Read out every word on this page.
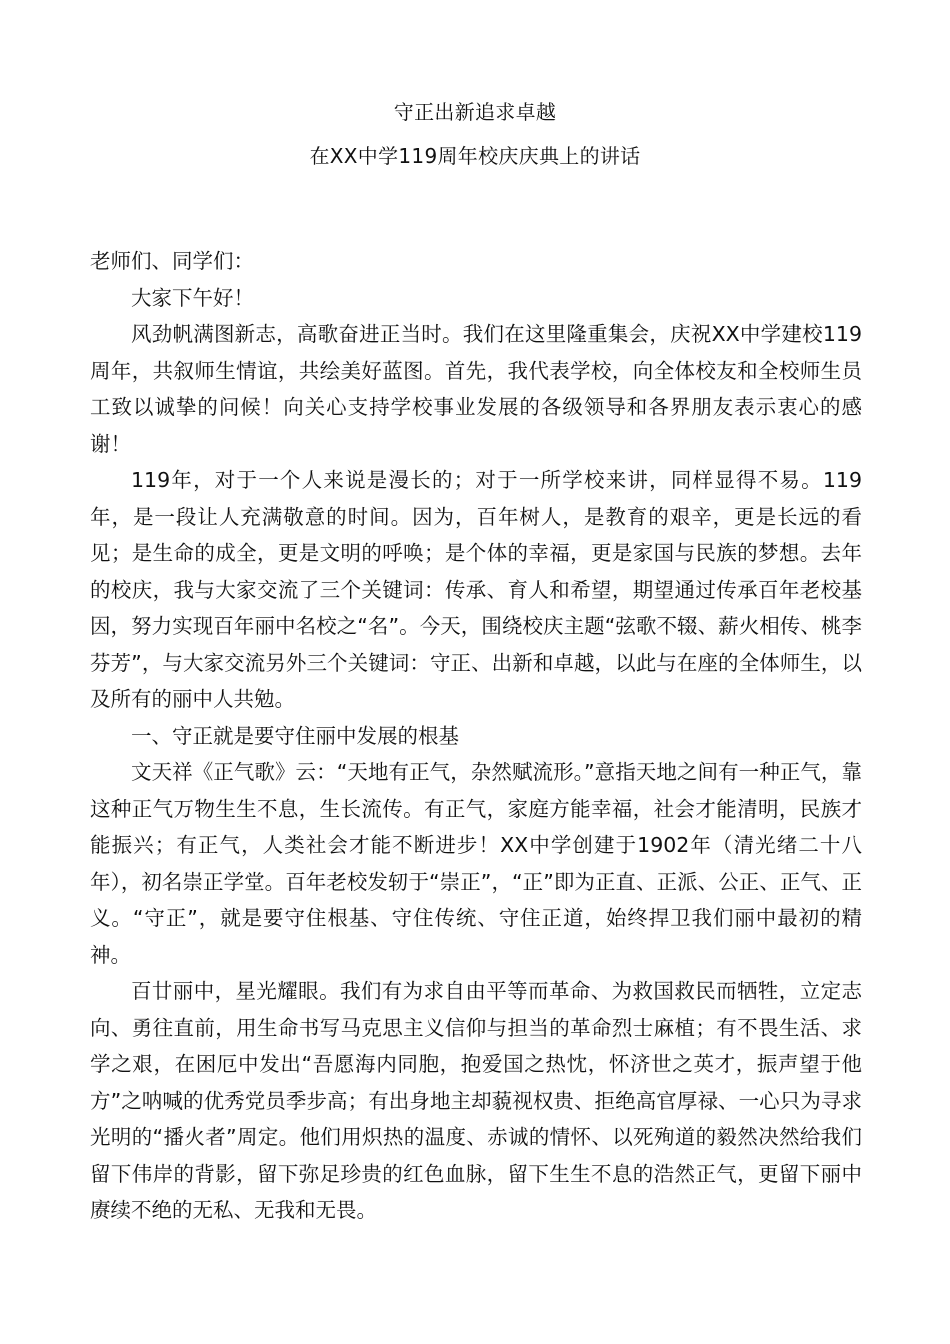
守正出新追求卓越
在XX中学119周年校庆庆典上的讲话

老师们、同学们：

大家下午好！

风劲帆满图新志，高歌奋进正当时。我们在这里隆重集会，庆祝XX中学建校119周年，共叙师生情谊，共绘美好蓝图。首先，我代表学校，向全体校友和全校师生员工致以诚挚的问候！向关心支持学校事业发展的各级领导和各界朋友表示衷心的感谢！

119年，对于一个人来说是漫长的；对于一所学校来讲，同样显得不易。119年，是一段让人充满敬意的时间。因为，百年树人，是教育的艰辛，更是长远的看见；是生命的成全，更是文明的呼唤；是个体的幸福，更是家国与民族的梦想。去年的校庆，我与大家交流了三个关键词：传承、育人和希望，期望通过传承百年老校基因，努力实现百年丽中名校之“名”。今天，围绕校庆主题“弦歌不辍、薪火相传、桃李芬芳”，与大家交流另外三个关键词：守正、出新和卓越，以此与在座的全体师生，以及所有的丽中人共勉。

一、守正就是要守住丽中发展的根基

文天祥《正气歌》云：“天地有正气，杂然赋流形。”意指天地之间有一种正气，靠这种正气万物生生不息，生长流传。有正气，家庭方能幸福，社会才能清明，民族才能振兴；有正气，人类社会才能不断进步！XX中学创建于1902年（清光绪二十八年），初名崇正学堂。百年老校发轫于“崇正”，“正”即为正直、正派、公正、正气、正义。“守正”，就是要守住根基、守住传统、守住正道，始终捍卫我们丽中最初的精神。

百廿丽中，星光耀眼。我们有为求自由平等而革命、为救国救民而牺牲，立定志向、勇往直前，用生命书写马克思主义信仰与担当的革命烈士麻植；有不畏生活、求学之艰，在困厄中发出“吾愿海内同胞，抱爱国之热忱，怀济世之英才，振声望于他方”之呐喊的优秀党员季步高；有出身地主却藐视权贵、拒绝高官厚禄、一心只为寻求光明的“播火者”周定。他们用炽热的温度、赤诚的情怀、以死殉道的毅然决然给我们留下伟岸的背影，留下弥足珍贵的红色血脉，留下生生不息的浩然正气，更留下丽中赓续不绝的无私、无我和无畏。
